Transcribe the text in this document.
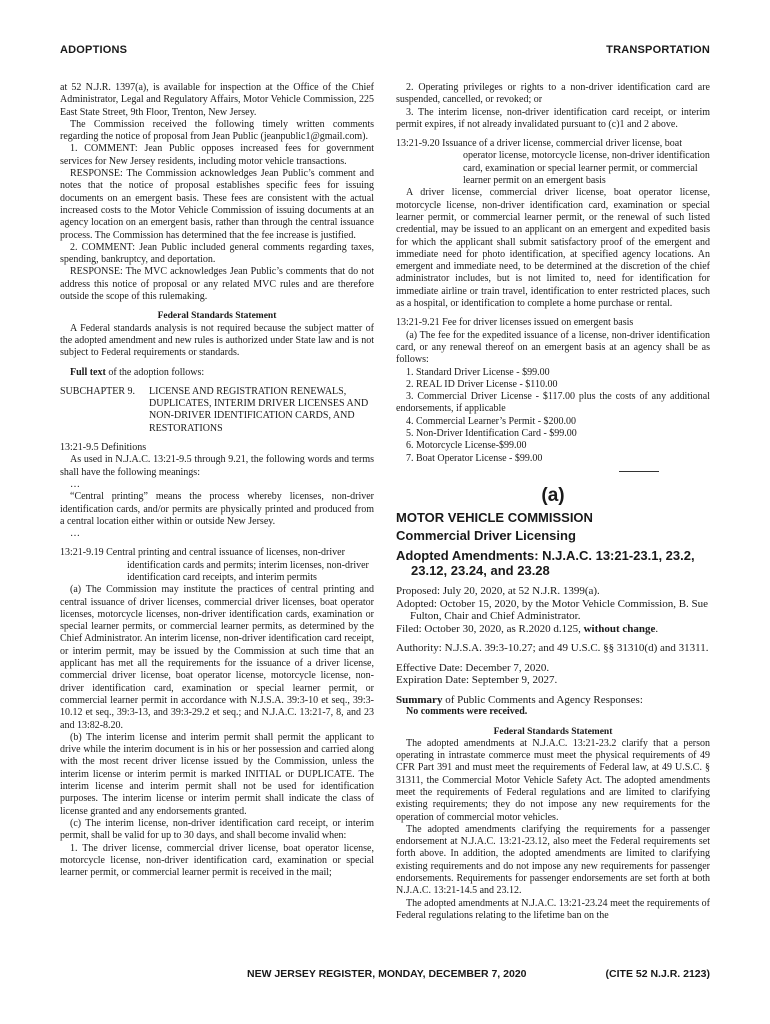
ADOPTIONS	TRANSPORTATION

at 52 N.J.R. 1397(a), is available for inspection at the Office of the Chief Administrator, Legal and Regulatory Affairs, Motor Vehicle Commission, 225 East State Street, 9th Floor, Trenton, New Jersey.

The Commission received the following timely written comments regarding the notice of proposal from Jean Public (jeanpublic1@gmail.com).

1. COMMENT: Jean Public opposes increased fees for government services for New Jersey residents, including motor vehicle transactions.

RESPONSE: The Commission acknowledges Jean Public’s comment and notes that the notice of proposal establishes specific fees for issuing documents on an emergent basis. These fees are consistent with the actual increased costs to the Motor Vehicle Commission of issuing documents at an agency location on an emergent basis, rather than through the central issuance process. The Commission has determined that the fee increase is justified.

2. COMMENT: Jean Public included general comments regarding taxes, spending, bankruptcy, and deportation.

RESPONSE: The MVC acknowledges Jean Public’s comments that do not address this notice of proposal or any related MVC rules and are therefore outside the scope of this rulemaking.

Federal Standards Statement

A Federal standards analysis is not required because the subject matter of the adopted amendment and new rules is authorized under State law and is not subject to Federal requirements or standards.

Full text of the adoption follows:

SUBCHAPTER 9.	LICENSE AND REGISTRATION RENEWALS, DUPLICATES, INTERIM DRIVER LICENSES AND NON-DRIVER IDENTIFICATION CARDS, AND RESTORATIONS

13:21-9.5 Definitions

As used in N.J.A.C. 13:21-9.5 through 9.21, the following words and terms shall have the following meanings:

…

“Central printing” means the process whereby licenses, non-driver identification cards, and/or permits are physically printed and produced from a central location either within or outside New Jersey.

…

13:21-9.19 Central printing and central issuance of licenses, non-driver identification cards and permits; interim licenses, non-driver identification card receipts, and interim permits

(a) The Commission may institute the practices of central printing and central issuance of driver licenses, commercial driver licenses, boat operator licenses, motorcycle licenses, non-driver identification cards, examination or special learner permits, or commercial learner permits, as determined by the Chief Administrator. An interim license, non-driver identification card receipt, or interim permit, may be issued by the Commission at such time that an applicant has met all the requirements for the issuance of a driver license, commercial driver license, boat operator license, motorcycle license, non-driver identification card, examination or special learner permit, or commercial learner permit in accordance with N.J.S.A. 39:3-10 et seq., 39:3-10.12 et seq., 39:3-13, and 39:3-29.2 et seq.; and N.J.A.C. 13:21-7, 8, and 23 and 13:82-8.20.

(b) The interim license and interim permit shall permit the applicant to drive while the interim document is in his or her possession and carried along with the most recent driver license issued by the Commission, unless the interim license or interim permit is marked INITIAL or DUPLICATE. The interim license and interim permit shall not be used for identification purposes. The interim license or interim permit shall indicate the class of license granted and any endorsements granted.

(c) The interim license, non-driver identification card receipt, or interim permit, shall be valid for up to 30 days, and shall become invalid when:

1. The driver license, commercial driver license, boat operator license, motorcycle license, non-driver identification card, examination or special learner permit, or commercial learner permit is received in the mail;

2. Operating privileges or rights to a non-driver identification card are suspended, cancelled, or revoked; or

3. The interim license, non-driver identification card receipt, or interim permit expires, if not already invalidated pursuant to (c)1 and 2 above.

13:21-9.20 Issuance of a driver license, commercial driver license, boat operator license, motorcycle license, non-driver identification card, examination or special learner permit, or commercial learner permit on an emergent basis

A driver license, commercial driver license, boat operator license, motorcycle license, non-driver identification card, examination or special learner permit, or commercial learner permit, or the renewal of such listed credential, may be issued to an applicant on an emergent and expedited basis for which the applicant shall submit satisfactory proof of the emergent and immediate need for photo identification, at specified agency locations. An emergent and immediate need, to be determined at the discretion of the chief administrator includes, but is not limited to, need for identification for immediate airline or train travel, identification to enter restricted places, such as a hospital, or identification to complete a home purchase or rental.

13:21-9.21 Fee for driver licenses issued on emergent basis

(a) The fee for the expedited issuance of a license, non-driver identification card, or any renewal thereof on an emergent basis at an agency shall be as follows:

1. Standard Driver License - $99.00

2. REAL ID Driver License - $110.00

3. Commercial Driver License - $117.00 plus the costs of any additional endorsements, if applicable

4. Commercial Learner’s Permit - $200.00

5. Non-Driver Identification Card - $99.00

6. Motorcycle License-$99.00

7. Boat Operator License - $99.00

(a)
MOTOR VEHICLE COMMISSION
Commercial Driver Licensing
Adopted Amendments: N.J.A.C. 13:21-23.1, 23.2, 23.12, 23.24, and 23.28

Proposed: July 20, 2020, at 52 N.J.R. 1399(a).

Adopted: October 15, 2020, by the Motor Vehicle Commission, B. Sue Fulton, Chair and Chief Administrator.

Filed: October 30, 2020, as R.2020 d.125, without change.

Authority: N.J.S.A. 39:3-10.27; and 49 U.S.C. §§ 31310(d) and 31311.

Effective Date: December 7, 2020.

Expiration Date: September 9, 2027.

Summary of Public Comments and Agency Responses:

No comments were received.

Federal Standards Statement

The adopted amendments at N.J.A.C. 13:21-23.2 clarify that a person operating in intrastate commerce must meet the physical requirements of 49 CFR Part 391 and must meet the requirements of Federal law, at 49 U.S.C. § 31311, the Commercial Motor Vehicle Safety Act. The adopted amendments meet the requirements of Federal regulations and are limited to clarifying existing requirements; they do not impose any new requirements for the operation of commercial motor vehicles.

The adopted amendments clarifying the requirements for a passenger endorsement at N.J.A.C. 13:21-23.12, also meet the Federal requirements set forth above. In addition, the adopted amendments are limited to clarifying existing requirements and do not impose any new requirements for passenger endorsements. Requirements for passenger endorsements are set forth at both N.J.A.C. 13:21-14.5 and 23.12.

The adopted amendments at N.J.A.C. 13:21-23.24 meet the requirements of Federal regulations relating to the lifetime ban on the

NEW JERSEY REGISTER, MONDAY, DECEMBER 7, 2020	(CITE 52 N.J.R. 2123)
